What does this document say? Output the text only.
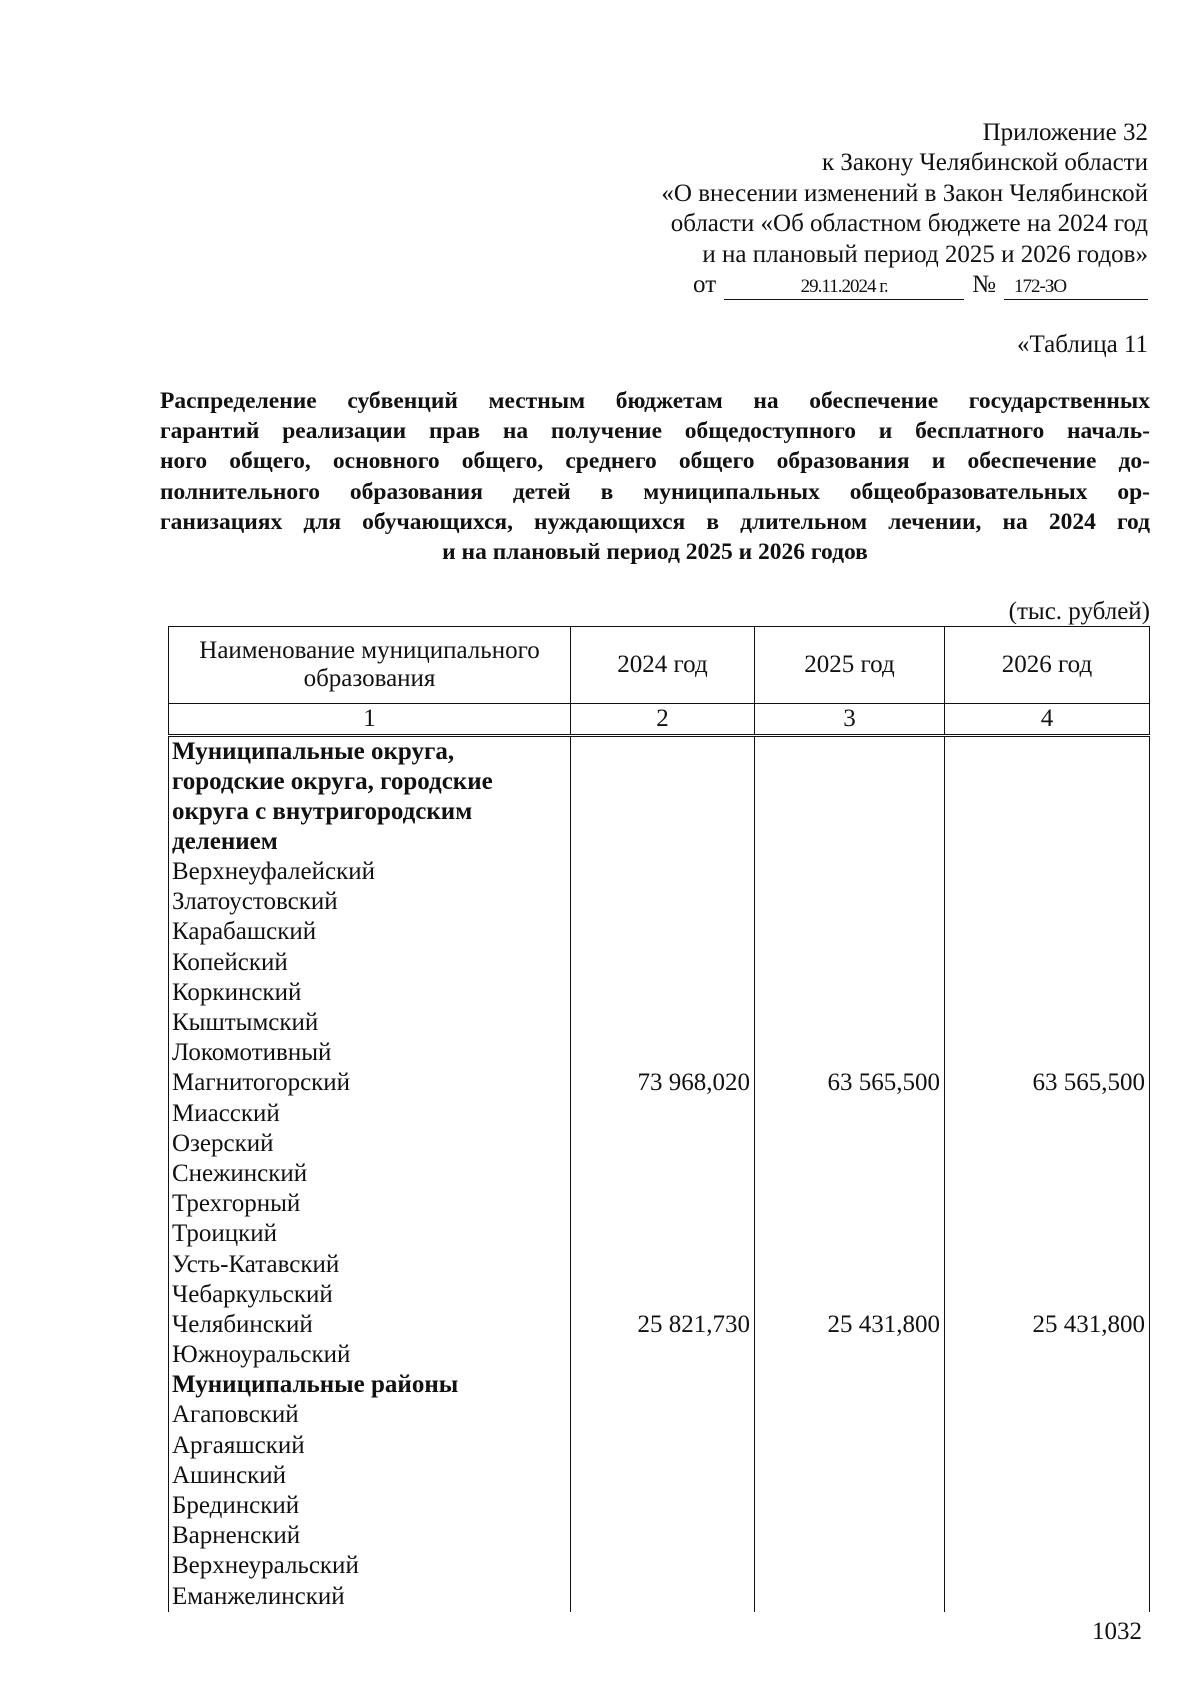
Приложение 32
к Закону Челябинской области
«О внесении изменений в Закон Челябинской
области «Об областном бюджете на 2024 год
и на плановый период 2025 и 2026 годов»
от	29.11.2024 г.	№ 172-ЗО
«Таблица 11
Распределение субвенций местным бюджетам на обеспечение государственных
гарантий реализации прав на получение общедоступного и бесплатного началь-
ного общего, основного общего, среднего общего образования и обеспечение до-
полнительного образования детей в муниципальных общеобразовательных ор-
ганизациях для обучающихся, нуждающихся в длительном лечении, на 2024 год
и на плановый период 2025 и 2026 годов
(тыс. рублей)
Наименование муниципального образования	2024 год	2025 год	2026 год
1	2	3	4
Муниципальные округа, городские округа, городские округа с внутригородским делением			
Верхнеуфалейский			
Златоустовский			
Карабашский			
Копейский			
Коркинский			
Кыштымский			
Локомотивный			
Магнитогорский	73 968,020	63 565,500	63 565,500
Миасский			
Озерский			
Снежинский			
Трехгорный			
Троицкий			
Усть-Катавский			
Чебаркульский			
Челябинский	25 821,730	25 431,800	25 431,800
Южноуральский			
Муниципальные районы			
Агаповский			
Аргаяшский			
Ашинский			
Брединский			
Варненский			
Верхнеуральский			
Еманжелинский			
1032
